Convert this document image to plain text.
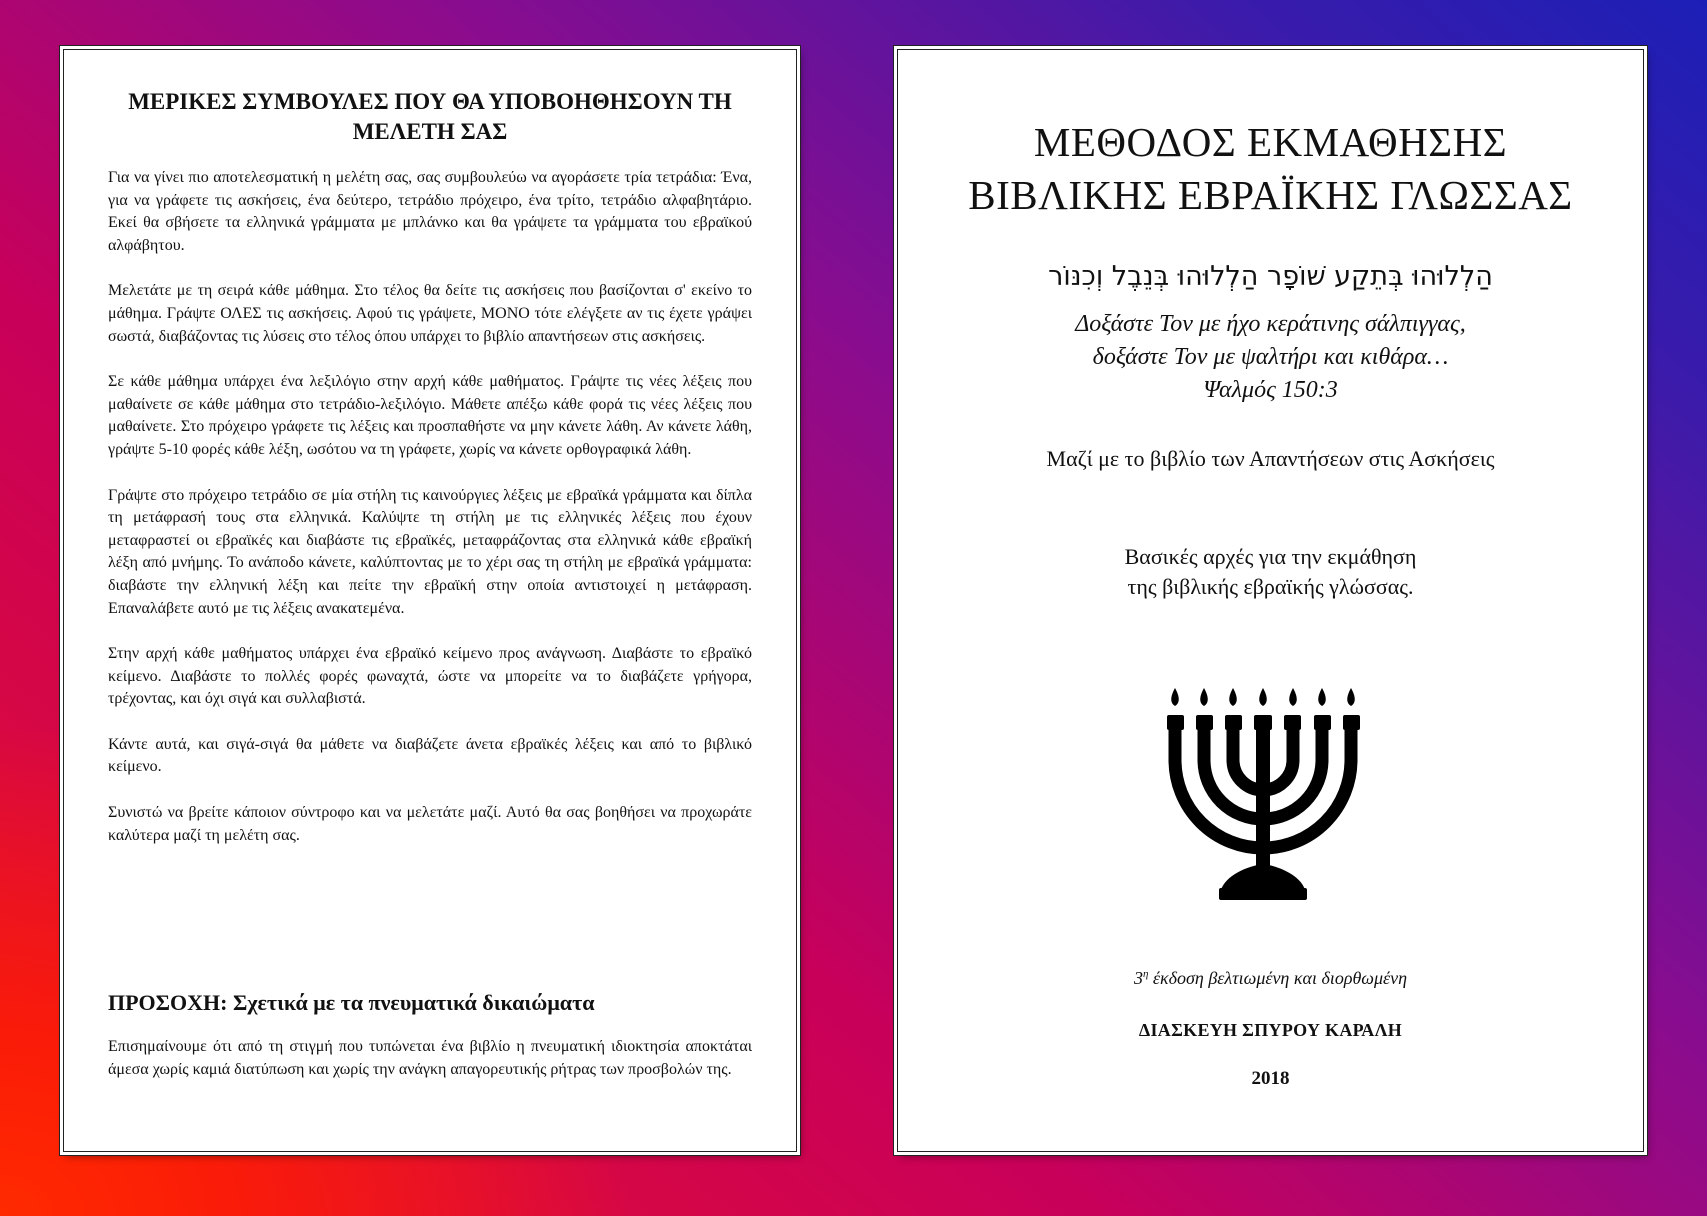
ΜΕΡΙΚΕΣ ΣΥΜΒΟΥΛΕΣ ΠΟΥ ΘΑ ΥΠΟΒΟΗΘΗΣΟΥΝ ΤΗ ΜΕΛΕΤΗ ΣΑΣ

Για να γίνει πιο αποτελεσματική η μελέτη σας, σας συμβουλεύω να αγοράσετε τρία τετράδια: Ένα, για να γράφετε τις ασκήσεις, ένα δεύτερο, τετράδιο πρόχειρο, ένα τρίτο, τετράδιο αλφαβητάριο. Εκεί θα σβήσετε τα ελληνικά γράμματα με μπλάνκο και θα γράψετε τα γράμματα του εβραϊκού αλφάβητου.

Μελετάτε με τη σειρά κάθε μάθημα. Στο τέλος θα δείτε τις ασκήσεις που βασίζονται σ' εκείνο το μάθημα. Γράψτε ΟΛΕΣ τις ασκήσεις. Αφού τις γράψετε, ΜΟΝΟ τότε ελέγξετε αν τις έχετε γράψει σωστά, διαβάζοντας τις λύσεις στο τέλος όπου υπάρχει το βιβλίο απαντήσεων στις ασκήσεις.

Σε κάθε μάθημα υπάρχει ένα λεξιλόγιο στην αρχή κάθε μαθήματος. Γράψτε τις νέες λέξεις που μαθαίνετε σε κάθε μάθημα στο τετράδιο-λεξιλόγιο. Μάθετε απέξω κάθε φορά τις νέες λέξεις που μαθαίνετε. Στο πρόχειρο γράφετε τις λέξεις και προσπαθήστε να μην κάνετε λάθη. Αν κάνετε λάθη, γράψτε 5-10 φορές κάθε λέξη, ωσότου να τη γράφετε, χωρίς να κάνετε ορθογραφικά λάθη.

Γράψτε στο πρόχειρο τετράδιο σε μία στήλη τις καινούργιες λέξεις με εβραϊκά γράμματα και δίπλα τη μετάφρασή τους στα ελληνικά. Καλύψτε τη στήλη με τις ελληνικές λέξεις που έχουν μεταφραστεί οι εβραϊκές και διαβάστε τις εβραϊκές, μεταφράζοντας στα ελληνικά κάθε εβραϊκή λέξη από μνήμης. Το ανάποδο κάνετε, καλύπτοντας με το χέρι σας τη στήλη με εβραϊκά γράμματα: διαβάστε την ελληνική λέξη και πείτε την εβραϊκή στην οποία αντιστοιχεί η μετάφραση. Επαναλάβετε αυτό με τις λέξεις ανακατεμένα.

Στην αρχή κάθε μαθήματος υπάρχει ένα εβραϊκό κείμενο προς ανάγνωση. Διαβάστε το εβραϊκό κείμενο. Διαβάστε το πολλές φορές φωναχτά, ώστε να μπορείτε να το διαβάζετε γρήγορα, τρέχοντας, και όχι σιγά και συλλαβιστά.

Κάντε αυτά, και σιγά-σιγά θα μάθετε να διαβάζετε άνετα εβραϊκές λέξεις και από το βιβλικό κείμενο.

Συνιστώ να βρείτε κάποιον σύντροφο και να μελετάτε μαζί. Αυτό θα σας βοηθήσει να προχωράτε καλύτερα μαζί τη μελέτη σας.

ΠΡΟΣΟΧΗ: Σχετικά με τα πνευματικά δικαιώματα
Επισημαίνουμε ότι από τη στιγμή που τυπώνεται ένα βιβλίο η πνευματική ιδιοκτησία αποκτάται άμεσα χωρίς καμιά διατύπωση και χωρίς την ανάγκη απαγορευτικής ρήτρας των προσβολών της.
ΜΕΘΟΔΟΣ ΕΚΜΑΘΗΣΗΣ
ΒΙΒΛΙΚΗΣ ΕΒΡΑΪΚΗΣ ΓΛΩΣΣΑΣ
הַלְלוּהוּ בְּתֵקַע שׁוֹפָר הַלְלוּהוּ בְּנֵבֶל וְכִנּוֹר
Δοξάστε Τον με ήχο κεράτινης σάλπιγγας,
δοξάστε Τον με ψαλτήρι και κιθάρα…
Ψαλμός 150:3
Μαζί με το βιβλίο των Απαντήσεων στις Ασκήσεις
Βασικές αρχές για την εκμάθηση
της βιβλικής εβραϊκής γλώσσας.
$3^\eta$ έκδοση βελτιωμένη και διορθωμένη
ΔΙΑΣΚΕΥΗ ΣΠΥΡΟΥ ΚΑΡΑΛΗ
2018
